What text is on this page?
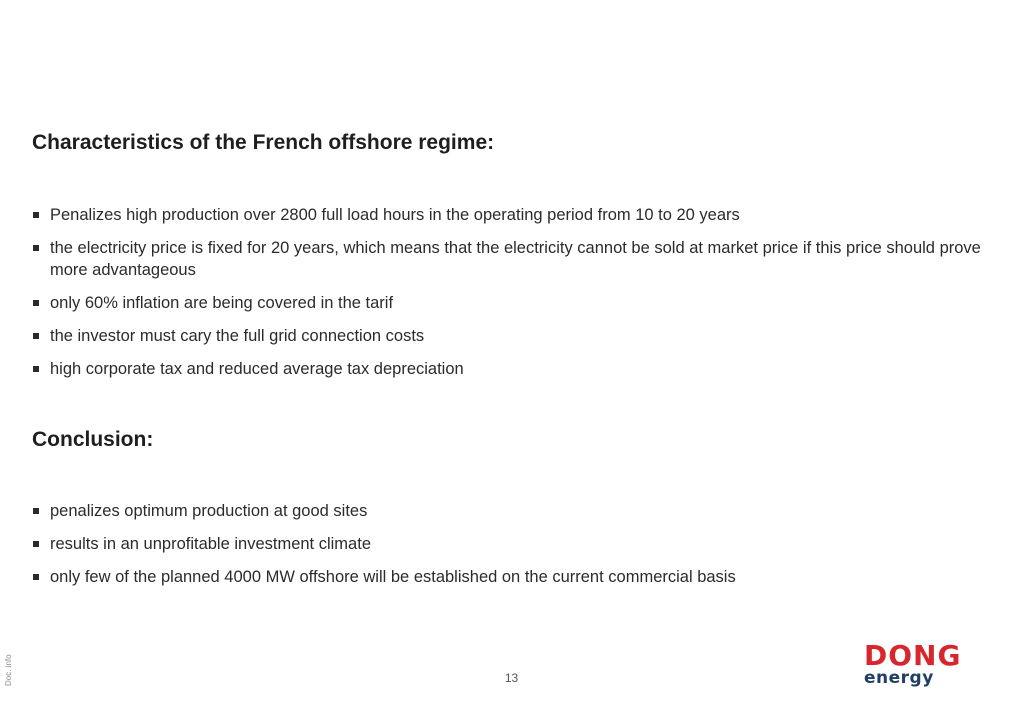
Characteristics of the French offshore regime:
Penalizes high production over 2800 full load hours in the operating period from 10 to 20 years
the electricity price is fixed for 20 years, which means that the electricity cannot be sold at market price if this price should prove more advantageous
only 60% inflation are being covered in the tarif
the investor must cary the full grid connection costs
high corporate tax and reduced average tax depreciation
Conclusion:
penalizes optimum production at good sites
results in an unprofitable investment climate
only few of the planned 4000 MW offshore will be established on the current commercial basis
Doc. info	13
DONG
energy
